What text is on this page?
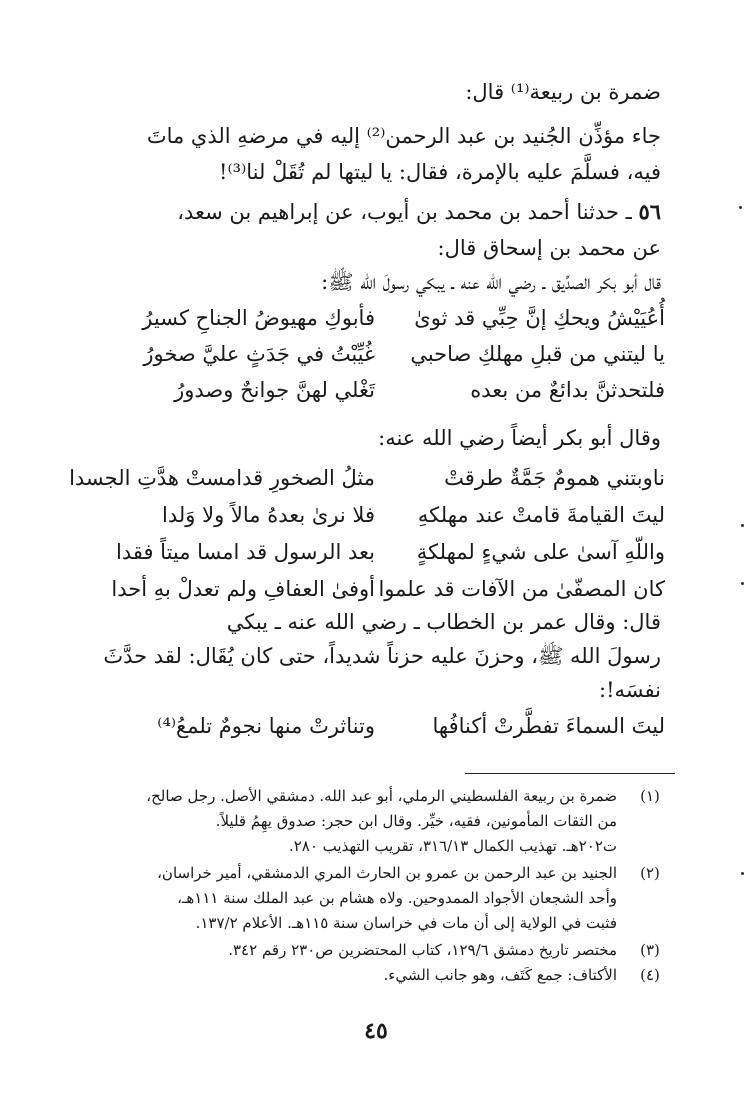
ضمرة بن ربيعة⁽¹⁾ قال:
جاء مؤذِّن الجُنيد بن عبد الرحمن⁽²⁾ إليه في مرضهِ الذي ماتَ
فيه، فسلَّمَ عليه بالإمرة، فقال: يا ليتها لم تُقَلْ لنا⁽³⁾!
٥٦ ـ حدثنا أحمد بن محمد بن أيوب، عن إبراهيم بن سعد،
عن محمد بن إسحاق قال:
قال أبو بكر الصدِّيق ـ رضي الله عنه ـ يبكي رسولَ الله ﷺ:
أُعُيَيْشُ ويحكِ إنَّ حِبِّي قد ثوىٰ
فأبوكِ مهيوضُ الجناحِ كسيرُ
يا ليتني من قبلِ مهلكِ صاحبي
غُيِّبْتُ في جَدَثٍ عليَّ صخورُ
فلتحدثنَّ بدائعٌ من بعده
تَغْلي لهنَّ جوانحٌ وصدورُ
وقال أبو بكر أيضاً رضي الله عنه:
ناوبتني همومٌ جَمَّةٌ طرقتْ
مثلُ الصخورِ قدامستْ هدَّتِ الجسدا
ليتَ القيامةَ قامتْ عند مهلكهِ
فلا نرىٰ بعدهُ مالاً ولا وَلدا
واللّهِ آسىٰ على شيءٍ لمهلكةٍ
بعد الرسول قد امسا ميتاً فقدا
كان المصفّىٰ من الآفات قد علموا
أوفىٰ العفافِ ولم تعدلْ بهِ أحدا
قال: وقال عمر بن الخطاب ـ رضي الله عنه ـ يبكي
رسولَ الله ﷺ، وحزنَ عليه حزناً شديداً، حتى كان يُقَال: لقد حدَّثَ
نفسَه!:
ليتَ السماءَ تفطَّرتْ أكنافُها
وتناثرتْ منها نجومٌ تلمعُ⁽⁴⁾
(١)
ضمرة بن ربيعة الفلسطيني الرملي، أبو عبد الله. دمشقي الأصل. رجل صالح،
من الثقات المأمونين، فقيه، خيِّر. وقال ابن حجر: صدوق يهِمُ قليلاً.
ت٢٠٢هـ. تهذيب الكمال ٣١٦/١٣، تقريب التهذيب ٢٨٠.
(٢)
الجنيد بن عبد الرحمن بن عمرو بن الحارث المري الدمشقي، أمير خراسان،
وأحد الشجعان الأجواد الممدوحين. ولاه هشام بن عبد الملك سنة ١١١هـ،
فثبت في الولاية إلى أن مات في خراسان سنة ١١٥هـ. الأعلام ١٣٧/٢.
(٣)
مختصر تاريخ دمشق ١٢٩/٦، كتاب المحتضرين ص٢٣٠ رقم ٣٤٢.
(٤)
الأكتاف: جمع كَتَف، وهو جانب الشيء.
٤٥
